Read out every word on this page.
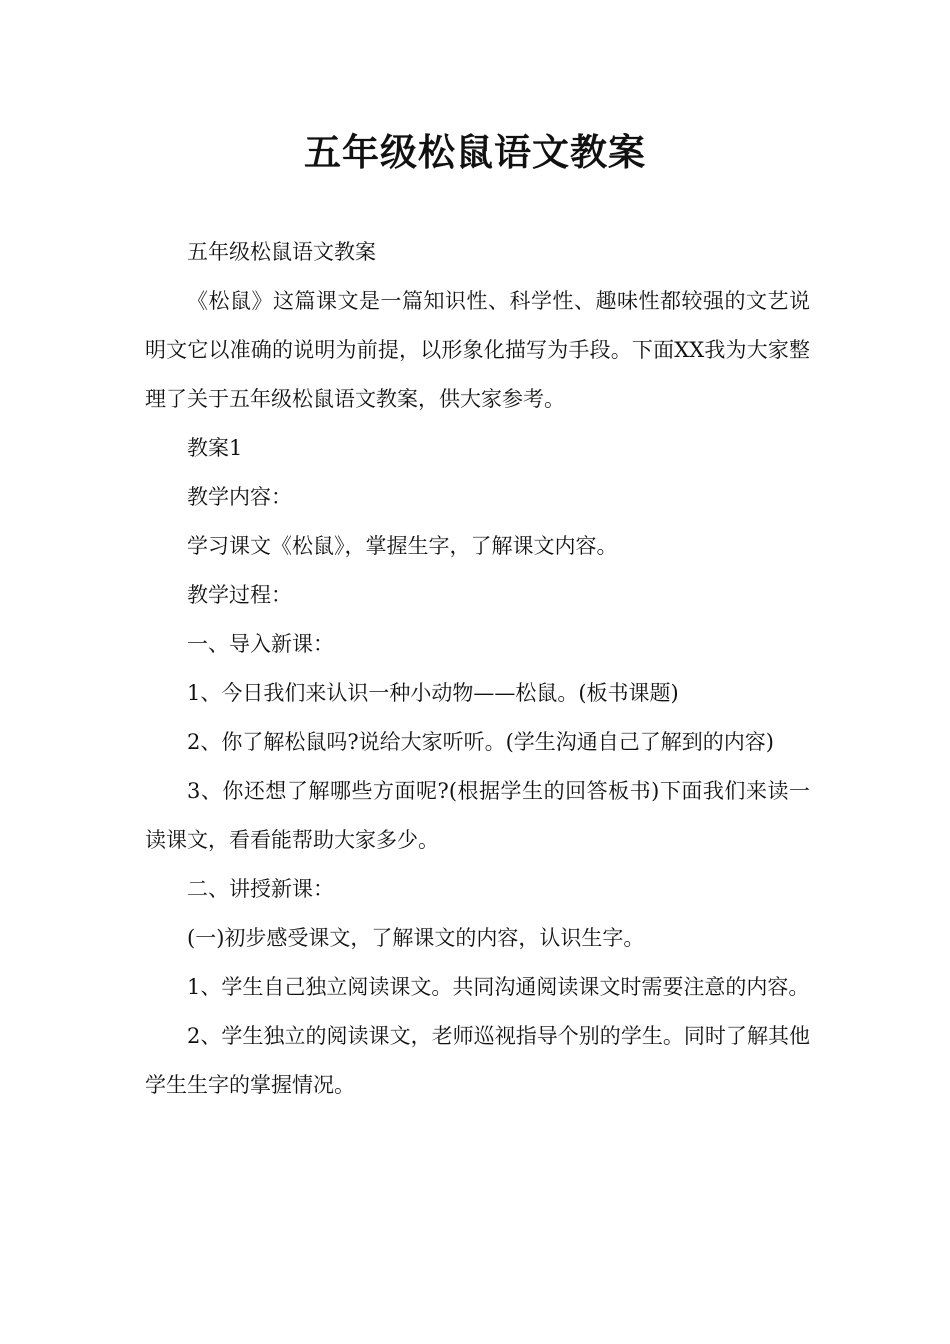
五年级松鼠语文教案

五年级松鼠语文教案

《松鼠》这篇课文是一篇知识性、科学性、趣味性都较强的文艺说明文它以准确的说明为前提，以形象化描写为手段。下面XX我为大家整理了关于五年级松鼠语文教案，供大家参考。

教案1

教学内容：

学习课文《松鼠》，掌握生字，了解课文内容。

教学过程：

一、导入新课：

1、今日我们来认识一种小动物——松鼠。(板书课题)

2、你了解松鼠吗?说给大家听听。(学生沟通自己了解到的内容)

3、你还想了解哪些方面呢?(根据学生的回答板书)下面我们来读一读课文，看看能帮助大家多少。

二、讲授新课：

(一)初步感受课文，了解课文的内容，认识生字。

1、学生自己独立阅读课文。共同沟通阅读课文时需要注意的内容。

2、学生独立的阅读课文，老师巡视指导个别的学生。同时了解其他学生生字的掌握情况。
